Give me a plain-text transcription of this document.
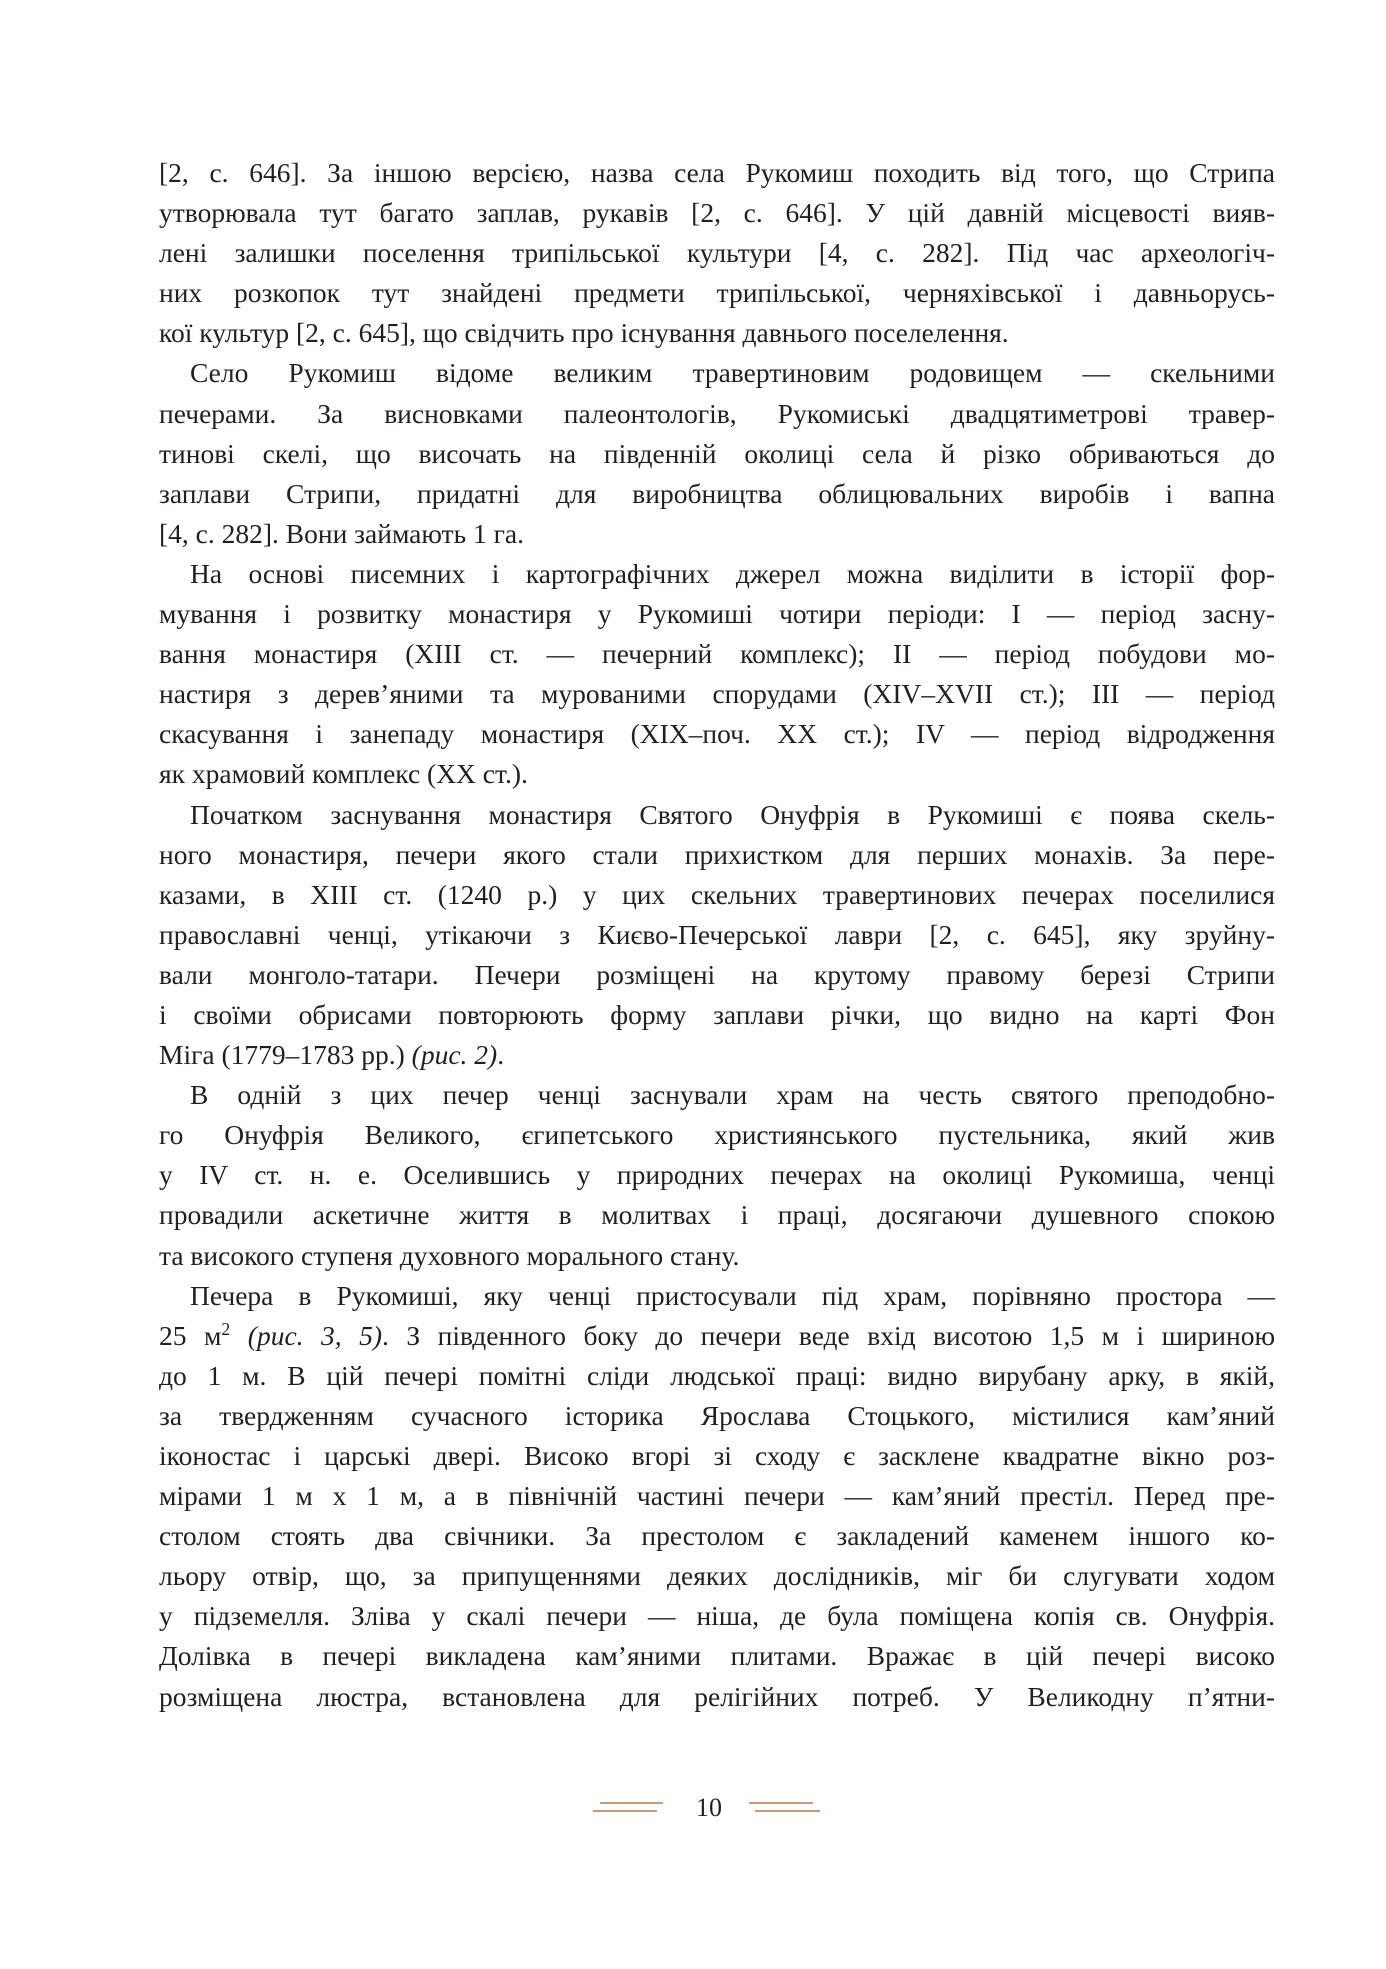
[2, с. 646]. За іншою версією, назва села Рукомиш походить від того, що Стрипа
утворювала тут багато заплав, рукавів [2, с. 646]. У цій давній місцевості вияв-
лені залишки поселення трипільської культури [4, с. 282]. Під час археологіч-
них розкопок тут знайдені предмети трипільської, черняхівської і давньорусь-
кої культур [2, с. 645], що свідчить про існування давнього поселелення.
Село Рукомиш відоме великим травертиновим родовищем — скельними
печерами. За висновками палеонтологів, Рукомиські двадцятиметрові травер-
тинові скелі, що височать на південній околиці села й різко обриваються до
заплави Стрипи, придатні для виробництва облицювальних виробів і вапна
[4, с. 282]. Вони займають 1 га.
На основі писемних і картографічних джерел можна виділити в історії фор-
мування і розвитку монастиря у Рукомиші чотири періоди: І — період засну-
вання монастиря (XIII ст. — печерний комплекс); II — період побудови мо-
настиря з дерев’яними та мурованими спорудами (XIV–XVII ст.); III — період
скасування і занепаду монастиря (XIX–поч. XX ст.); IV — період відродження
як храмовий комплекс (XX ст.).
Початком заснування монастиря Святого Онуфрія в Рукомиші є поява скель-
ного монастиря, печери якого стали прихистком для перших монахів. За пере-
казами, в XIII ст. (1240 р.) у цих скельних травертинових печерах поселилися
православні ченці, утікаючи з Києво-Печерської лаври [2, с. 645], яку зруйну-
вали монголо-татари. Печери розміщені на крутому правому березі Стрипи
і своїми обрисами повторюють форму заплави річки, що видно на карті Фон
Міга (1779–1783 рр.) (рис. 2).
В одній з цих печер ченці заснували храм на честь святого преподобно-
го Онуфрія Великого, єгипетського християнського пустельника, який жив
у IV ст. н. е. Оселившись у природних печерах на околиці Рукомиша, ченці
провадили аскетичне життя в молитвах і праці, досягаючи душевного спокою
та високого ступеня духовного морального стану.
Печера в Рукомиші, яку ченці пристосували під храм, порівняно простора —
25 $м^2$ (рис. 3, 5). З південного боку до печери веде вхід висотою 1,5 м і шириною
до 1 м. В цій печері помітні сліди людської праці: видно вирубану арку, в якій,
за твердженням сучасного історика Ярослава Стоцького, містилися кам’яний
іконостас і царські двері. Високо вгорі зі сходу є засклене квадратне вікно роз-
мірами 1 м х 1 м, а в північній частині печери — кам’яний престіл. Перед пре-
столом стоять два свічники. За престолом є закладений каменем іншого ко-
льору отвір, що, за припущеннями деяких дослідників, міг би слугувати ходом
у підземелля. Зліва у скалі печери — ніша, де була поміщена копія св. Онуфрія.
Долівка в печері викладена кам’яними плитами. Вражає в цій печері високо
розміщена люстра, встановлена для релігійних потреб. У Великодну п’ятни-
10
